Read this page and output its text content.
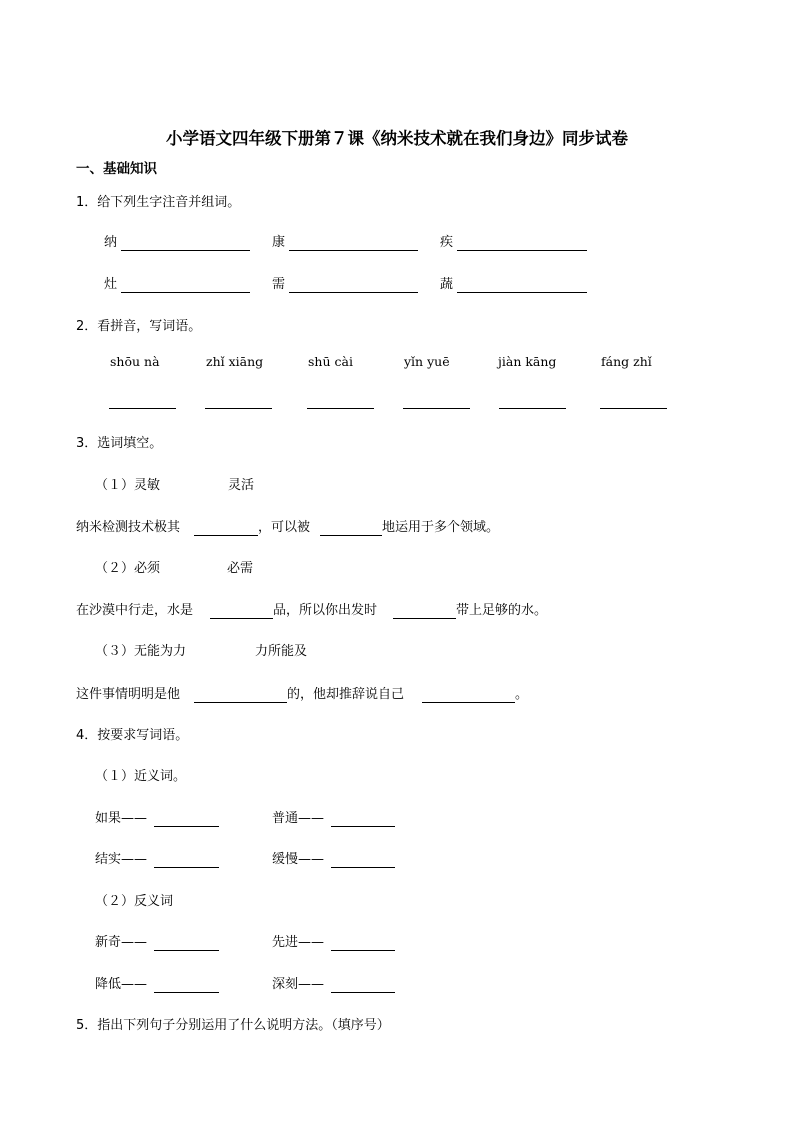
小学语文四年级下册第７课《纳米技术就在我们身边》同步试卷
一、基础知识
1．给下列生字注音并组词。
纳	康	疾
灶	需	蔬
2．看拼音，写词语。
shōu nà	zhǐ xiāng	shū cài	yǐn yuē	jiàn kāng	fáng zhǐ
3．选词填空。
（１）灵敏	灵活
纳米检测技术极其	，可以被	地运用于多个领域。
（２）必须	必需
在沙漠中行走，水是	品，所以你出发时	带上足够的水。
（３）无能为力	力所能及
这件事情明明是他	的，他却推辞说自己	。
4．按要求写词语。
（１）近义词。
如果——	普通——
结实——	缓慢——
（２）反义词
新奇——	先进——
降低——	深刻——
5．指出下列句子分别运用了什么说明方法。（填序号）
